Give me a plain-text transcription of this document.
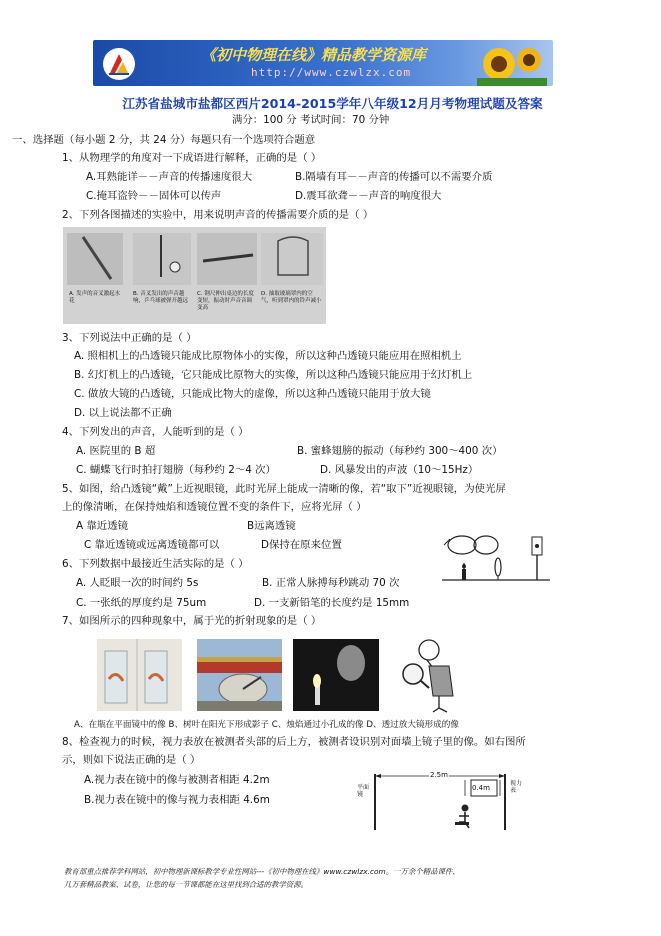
《初中物理在线》精品教学资源库
http://www.czwlzx.com
江苏省盐城市盐都区西片2014-2015学年八年级12月月考物理试题及答案
满分：100 分 考试时间：70 分钟
一、选择题（每小题 2 分，共 24 分）每题只有一个选项符合题意
1、从物理学的角度对一下成语进行解释，正确的是（ ）
A.耳熟能详－－声音的传播速度很大	B.隔墙有耳－－声音的传播可以不需要介质
C.掩耳盗铃－－固体可以传声	D.震耳欲聋－－声音的响度很大
2、下列各图描述的实验中，用来说明声音的传播需要介质的是（ ）
A. 发声的音叉激起水花
B. 音叉发出的声音越响，乒乓球被弹开越远
C. 钢尺伸出桌边的长度变短，振动时声音音调变高
D. 抽取玻璃罩内的空气，听到罩内的铃声减小
3、下列说法中正确的是（ ）
A. 照相机上的凸透镜只能成比原物体小的实像，所以这种凸透镜只能应用在照相机上
B. 幻灯机上的凸透镜，它只能成比原物大的实像，所以这种凸透镜只能应用于幻灯机上
C. 做放大镜的凸透镜，只能成比物大的虚像，所以这种凸透镜只能用于放大镜
D. 以上说法都不正确
4、下列发出的声音，人能听到的是（ ）
A. 医院里的 B 超	B. 蜜蜂翅膀的振动（每秒约 300～400 次）
C. 蝴蝶飞行时拍打翅膀（每秒约 2～4 次）	D. 风暴发出的声波（10～15Hz）
5、如图，给凸透镜“戴”上近视眼镜，此时光屏上能成一清晰的像，若“取下”近视眼镜，为使光屏
上的像清晰，在保持烛焰和透镜位置不变的条件下，应将光屏（ ）
A 靠近透镜	B远离透镜
C 靠近透镜或远离透镜都可以	D保持在原来位置
6、下列数据中最接近生活实际的是（ ）
A. 人眨眼一次的时间约 5s	B. 正常人脉搏每秒跳动 70 次
C. 一张纸的厚度约是 75um	D. 一支新铅笔的长度约是 15mm
7、如图所示的四种现象中，属于光的折射现象的是（ ）
A、在瓶在平面镜中的像 B、树叶在阳光下形成影子 C、烛焰通过小孔成的像 D、透过放大镜形成的像
8、检查视力的时候，视力表放在被测者头部的后上方，被测者设识别对面墙上镜子里的像。如右图所
示，则如下说法正确的是（ ）
A.视力表在镜中的像与被测者相距 4.2m
B.视力表在镜中的像与视力表相距 4.6m
2.5m
0.4m
平面镜
视力表
教育部重点推荐学科网站，初中物理新课标教学专业性网站---《初中物理在线》www.czwlzx.com。一万余个精品课件、
几万套精品教案、试卷，让您的每一节课都能在这里找到合适的教学资源。
